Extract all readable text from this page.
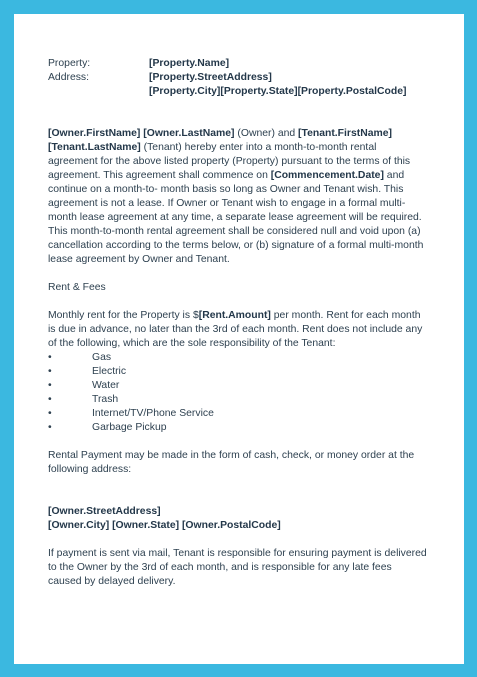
Property:	[Property.Name]
Address:	[Property.StreetAddress]
[Property.City][Property.State][Property.PostalCode]

[Owner.FirstName] [Owner.LastName] (Owner) and [Tenant.FirstName] [Tenant.LastName] (Tenant) hereby enter into a month-to-month rental agreement for the above listed property (Property) pursuant to the terms of this agreement. This agreement shall commence on [Commencement.Date] and continue on a month-to- month basis so long as Owner and Tenant wish. This agreement is not a lease. If Owner or Tenant wish to engage in a formal multi-month lease agreement at any time, a separate lease agreement will be required. This month-to-month rental agreement shall be considered null and void upon (a) cancellation according to the terms below, or (b) signature of a formal multi-month lease agreement by Owner and Tenant.

Rent & Fees

Monthly rent for the Property is $[Rent.Amount] per month. Rent for each month is due in advance, no later than the 3rd of each month. Rent does not include any of the following, which are the sole responsibility of the Tenant:

•	Gas
•	Electric
•	Water
•	Trash
•	Internet/TV/Phone Service
•	Garbage Pickup

Rental Payment may be made in the form of cash, check, or money order at the following address:

[Owner.StreetAddress]
[Owner.City] [Owner.State] [Owner.PostalCode]

If payment is sent via mail, Tenant is responsible for ensuring payment is delivered to the Owner by the 3rd of each month, and is responsible for any late fees caused by delayed delivery.
